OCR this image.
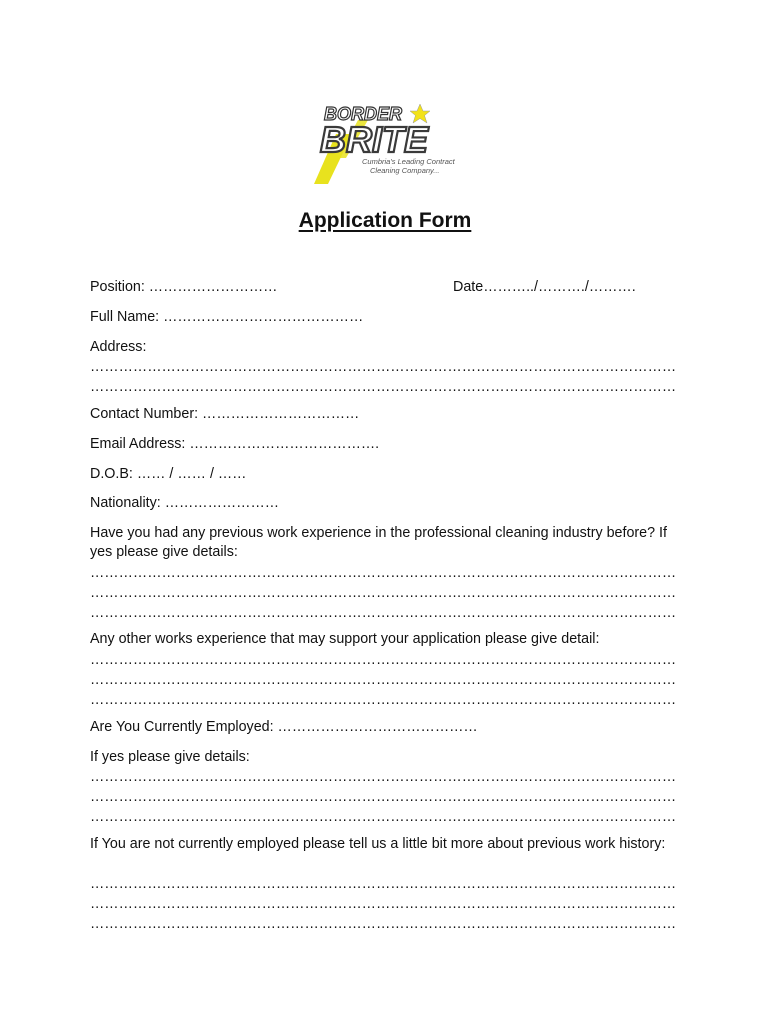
BORDER
BRITE
Cumbria's Leading Contract
Cleaning Company...
Application Form
Position: ………………………	Date………../………./……….
Full Name: ……………………………………
Address:
……………………………………………………………………………………………………………
……………………………………………………………………………………………………………
Contact Number: ……………………………
Email Address: ………………………………….
D.O.B: …… / …… / ……
Nationality: ……………………
Have you had any previous work experience in the professional cleaning industry before? If yes please give details:
……………………………………………………………………………………………………………
……………………………………………………………………………………………………………
……………………………………………………………………………………………………………
Any other works experience that may support your application please give detail:
……………………………………………………………………………………………………………
……………………………………………………………………………………………………………
……………………………………………………………………………………………………………
Are You Currently Employed: ……………………………………
If yes please give details:
……………………………………………………………………………………………………………
……………………………………………………………………………………………………………
……………………………………………………………………………………………………………
If You are not currently employed please tell us a little bit more about previous work history:
……………………………………………………………………………………………………………
……………………………………………………………………………………………………………
……………………………………………………………………………………………………………
